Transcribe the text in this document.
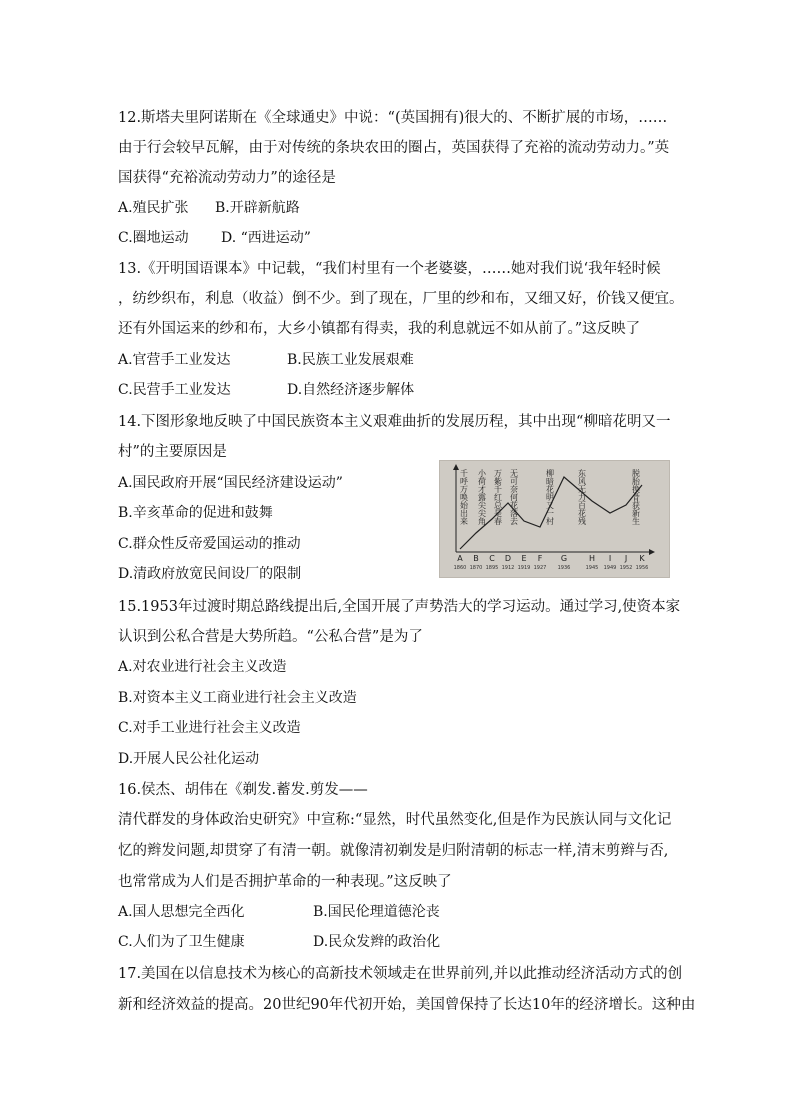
12.斯塔夫里阿诺斯在《全球通史》中说：“(英国拥有)很大的、不断扩展的市场，……
由于行会较早瓦解，由于对传统的条块农田的圈占，英国获得了充裕的流动劳动力。”英
国获得“充裕流动劳动力”的途径是
A.殖民扩张 B.开辟新航路
C.圈地运动 D. “西进运动”
13.《开明国语课本》中记载，“我们村里有一个老婆婆，……她对我们说‘我年轻时候
，纺纱织布，利息（收益）倒不少。到了现在，厂里的纱和布，又细又好，价钱又便宜。
还有外国运来的纱和布，大乡小镇都有得卖，我的利息就远不如从前了。”这反映了
A.官营手工业发达	B.民族工业发展艰难
C.民营手工业发达	D.自然经济逐步解体
14.下图形象地反映了中国民族资本主义艰难曲折的发展历程，其中出现“柳暗花明又一
村”的主要原因是
A.国民政府开展“国民经济建设运动”
B.辛亥革命的促进和鼓舞
C.群众性反帝爱国运动的推动
D.清政府放宽民间设厂的限制
A B C D E F G	H I J K
1860 1870 1895 1912 1919 1927 1936	1945 1949 1952 1956
千呼万唤始出来 小荷才露尖尖角 万紫千红总是春 无可奈何花落去	柳暗花明又一村	东风无力百花残	脱胎换骨获新生
15.1953年过渡时期总路线提出后,全国开展了声势浩大的学习运动。通过学习,使资本家
认识到公私合营是大势所趋。“公私合营”是为了
A.对农业进行社会主义改造
B.对资本主义工商业进行社会主义改造
C.对手工业进行社会主义改造
D.开展人民公社化运动
16.侯杰、胡伟在《剃发.蓄发.剪发——
清代群发的身体政治史研究》中宣称:“显然，时代虽然变化,但是作为民族认同与文化记
忆的辫发问题,却贯穿了有清一朝。就像清初剃发是归附清朝的标志一样,清末剪辫与否,
也常常成为人们是否拥护革命的一种表现。”这反映了
A.国人思想完全西化	B.国民伦理道德沦丧
C.人们为了卫生健康	D.民众发辫的政治化
17.美国在以信息技术为核心的高新技术领域走在世界前列,并以此推动经济活动方式的创
新和经济效益的提高。20世纪90年代初开始，美国曾保持了长达10年的经济增长。这种由
